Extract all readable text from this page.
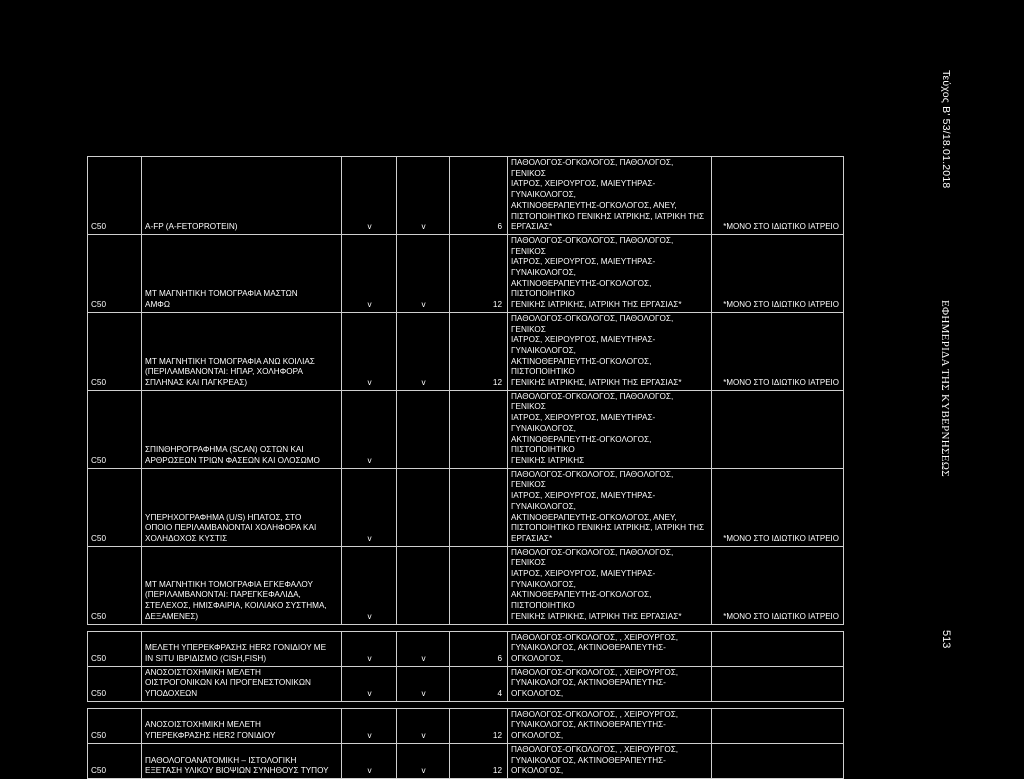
C50	A-FP (A-FETOPROTEIN)	v	v	6	ΠΑΘΟΛΟΓΟΣ-ΟΓΚΟΛΟΓΟΣ, ΠΑΘΟΛΟΓΟΣ, ΓΕΝΙΚΟΣ
ΙΑΤΡΟΣ, ΧΕΙΡΟΥΡΓΟΣ, ΜΑΙΕΥΤΗΡΑΣ- ΓΥΝΑΙΚΟΛΟΓΟΣ,
ΑΚΤΙΝΟΘΕΡΑΠΕΥΤΗΣ-ΟΓΚΟΛΟΓΟΣ, ΑΝΕΥ,
ΠΙΣΤΟΠΟΙΗΤΙΚΟ ΓΕΝΙΚΗΣ ΙΑΤΡΙΚΗΣ, ΙΑΤΡΙΚΗ ΤΗΣ
ΕΡΓΑΣΙΑΣ*	*ΜΟΝΟ ΣΤΟ ΙΔΙΩΤΙΚΟ ΙΑΤΡΕΙΟ
C50	ΜΤ ΜΑΓΝΗΤΙΚΗ ΤΟΜΟΓΡΑΦΙΑ ΜΑΣΤΩΝ
ΑΜΦΩ	v	v	12	ΠΑΘΟΛΟΓΟΣ-ΟΓΚΟΛΟΓΟΣ, ΠΑΘΟΛΟΓΟΣ, ΓΕΝΙΚΟΣ
ΙΑΤΡΟΣ, ΧΕΙΡΟΥΡΓΟΣ, ΜΑΙΕΥΤΗΡΑΣ- ΓΥΝΑΙΚΟΛΟΓΟΣ,
ΑΚΤΙΝΟΘΕΡΑΠΕΥΤΗΣ-ΟΓΚΟΛΟΓΟΣ, ΠΙΣΤΟΠΟΙΗΤΙΚΟ
ΓΕΝΙΚΗΣ ΙΑΤΡΙΚΗΣ, ΙΑΤΡΙΚΗ ΤΗΣ ΕΡΓΑΣΙΑΣ*	*ΜΟΝΟ ΣΤΟ ΙΔΙΩΤΙΚΟ ΙΑΤΡΕΙΟ
C50	ΜΤ ΜΑΓΝΗΤΙΚΗ ΤΟΜΟΓΡΑΦΙΑ ΑΝΩ ΚΟΙΛΙΑΣ
(ΠΕΡΙΛΑΜΒΑΝΟΝΤΑΙ: ΗΠΑΡ, ΧΟΛΗΦΟΡΑ
ΣΠΛΗΝΑΣ ΚΑΙ ΠΑΓΚΡΕΑΣ)	v	v	12	ΠΑΘΟΛΟΓΟΣ-ΟΓΚΟΛΟΓΟΣ, ΠΑΘΟΛΟΓΟΣ, ΓΕΝΙΚΟΣ
ΙΑΤΡΟΣ, ΧΕΙΡΟΥΡΓΟΣ, ΜΑΙΕΥΤΗΡΑΣ- ΓΥΝΑΙΚΟΛΟΓΟΣ,
ΑΚΤΙΝΟΘΕΡΑΠΕΥΤΗΣ-ΟΓΚΟΛΟΓΟΣ, ΠΙΣΤΟΠΟΙΗΤΙΚΟ
ΓΕΝΙΚΗΣ ΙΑΤΡΙΚΗΣ, ΙΑΤΡΙΚΗ ΤΗΣ ΕΡΓΑΣΙΑΣ*	*ΜΟΝΟ ΣΤΟ ΙΔΙΩΤΙΚΟ ΙΑΤΡΕΙΟ
C50	ΣΠΙΝΘΗΡΟΓΡΑΦΗΜΑ (SCAN) ΟΣΤΩΝ ΚΑΙ
ΑΡΘΡΩΣΕΩΝ ΤΡΙΩΝ ΦΑΣΕΩΝ ΚΑΙ ΟΛΟΣΩΜΟ	v			ΠΑΘΟΛΟΓΟΣ-ΟΓΚΟΛΟΓΟΣ, ΠΑΘΟΛΟΓΟΣ, ΓΕΝΙΚΟΣ
ΙΑΤΡΟΣ, ΧΕΙΡΟΥΡΓΟΣ, ΜΑΙΕΥΤΗΡΑΣ- ΓΥΝΑΙΚΟΛΟΓΟΣ,
ΑΚΤΙΝΟΘΕΡΑΠΕΥΤΗΣ-ΟΓΚΟΛΟΓΟΣ, ΠΙΣΤΟΠΟΙΗΤΙΚΟ
ΓΕΝΙΚΗΣ ΙΑΤΡΙΚΗΣ	
C50	ΥΠΕΡΗΧΟΓΡΑΦΗΜΑ (U/S) ΗΠΑΤΟΣ, ΣΤΟ
ΟΠΟΙΟ ΠΕΡΙΛΑΜΒΑΝΟΝΤΑΙ ΧΟΛΗΦΟΡΑ ΚΑΙ
ΧΟΛΗΔΟΧΟΣ ΚΥΣΤΙΣ	v			ΠΑΘΟΛΟΓΟΣ-ΟΓΚΟΛΟΓΟΣ, ΠΑΘΟΛΟΓΟΣ, ΓΕΝΙΚΟΣ
ΙΑΤΡΟΣ, ΧΕΙΡΟΥΡΓΟΣ, ΜΑΙΕΥΤΗΡΑΣ- ΓΥΝΑΙΚΟΛΟΓΟΣ,
ΑΚΤΙΝΟΘΕΡΑΠΕΥΤΗΣ-ΟΓΚΟΛΟΓΟΣ, ΑΝΕΥ,
ΠΙΣΤΟΠΟΙΗΤΙΚΟ ΓΕΝΙΚΗΣ ΙΑΤΡΙΚΗΣ, ΙΑΤΡΙΚΗ ΤΗΣ
ΕΡΓΑΣΙΑΣ*	*ΜΟΝΟ ΣΤΟ ΙΔΙΩΤΙΚΟ ΙΑΤΡΕΙΟ
C50	ΜΤ ΜΑΓΝΗΤΙΚΗ ΤΟΜΟΓΡΑΦΙΑ ΕΓΚΕΦΑΛΟΥ
(ΠΕΡΙΛΑΜΒΑΝΟΝΤΑΙ: ΠΑΡΕΓΚΕΦΑΛΙΔΑ,
ΣΤΕΛΕΧΟΣ, ΗΜΙΣΦΑΙΡΙΑ, ΚΟΙΛΙΑΚΟ ΣΥΣΤΗΜΑ,
ΔΕΞΑΜΕΝΕΣ)	v			ΠΑΘΟΛΟΓΟΣ-ΟΓΚΟΛΟΓΟΣ, ΠΑΘΟΛΟΓΟΣ, ΓΕΝΙΚΟΣ
ΙΑΤΡΟΣ, ΧΕΙΡΟΥΡΓΟΣ, ΜΑΙΕΥΤΗΡΑΣ- ΓΥΝΑΙΚΟΛΟΓΟΣ,
ΑΚΤΙΝΟΘΕΡΑΠΕΥΤΗΣ-ΟΓΚΟΛΟΓΟΣ, ΠΙΣΤΟΠΟΙΗΤΙΚΟ
ΓΕΝΙΚΗΣ ΙΑΤΡΙΚΗΣ, ΙΑΤΡΙΚΗ ΤΗΣ ΕΡΓΑΣΙΑΣ*	*ΜΟΝΟ ΣΤΟ ΙΔΙΩΤΙΚΟ ΙΑΤΡΕΙΟ

C50	ΜΕΛΕΤΗ ΥΠΕΡΕΚΦΡΑΣΗΣ HER2 ΓΟΝΙΔΙΟΥ ΜΕ
IN SITU ΙΒΡΙΔΙΣΜΟ (CISH,FISH)	v	v	6	ΠΑΘΟΛΟΓΟΣ-ΟΓΚΟΛΟΓΟΣ, , ΧΕΙΡΟΥΡΓΟΣ,
ΓΥΝΑΙΚΟΛΟΓΟΣ, ΑΚΤΙΝΟΘΕΡΑΠΕΥΤΗΣ-ΟΓΚΟΛΟΓΟΣ,	
C50	ΑΝΟΣΟΙΣΤΟΧΗΜΙΚΗ ΜΕΛΕΤΗ
ΟΙΣΤΡΟΓΟΝΙΚΩΝ ΚΑΙ ΠΡΟΓΕΝΕΣΤΟΝΙΚΩΝ
ΥΠΟΔΟΧΕΩΝ	v	v	4	ΠΑΘΟΛΟΓΟΣ-ΟΓΚΟΛΟΓΟΣ, , ΧΕΙΡΟΥΡΓΟΣ,
ΓΥΝΑΙΚΟΛΟΓΟΣ, ΑΚΤΙΝΟΘΕΡΑΠΕΥΤΗΣ-ΟΓΚΟΛΟΓΟΣ,	

C50	ΑΝΟΣΟΙΣΤΟΧΗΜΙΚΗ ΜΕΛΕΤΗ
ΥΠΕΡΕΚΦΡΑΣΗΣ HER2 ΓΟΝΙΔΙΟΥ	v	v	12	ΠΑΘΟΛΟΓΟΣ-ΟΓΚΟΛΟΓΟΣ, , ΧΕΙΡΟΥΡΓΟΣ,
ΓΥΝΑΙΚΟΛΟΓΟΣ, ΑΚΤΙΝΟΘΕΡΑΠΕΥΤΗΣ-ΟΓΚΟΛΟΓΟΣ,	
C50	ΠΑΘΟΛΟΓΟΑΝΑΤΟΜΙΚΗ – ΙΣΤΟΛΟΓΙΚΗ
ΕΞΕΤΑΣΗ ΥΛΙΚΟΥ ΒΙΟΨΙΩΝ ΣΥΝΗΘΟΥΣ ΤΥΠΟΥ	v	v	12	ΠΑΘΟΛΟΓΟΣ-ΟΓΚΟΛΟΓΟΣ, , ΧΕΙΡΟΥΡΓΟΣ,
ΓΥΝΑΙΚΟΛΟΓΟΣ, ΑΚΤΙΝΟΘΕΡΑΠΕΥΤΗΣ-ΟΓΚΟΛΟΓΟΣ,	
Τεύχος Β' 53/18.01.2018
ΕΦΗΜΕΡΙΔΑ ΤΗΣ ΚΥΒΕΡΝΗΣΕΩΣ
513
